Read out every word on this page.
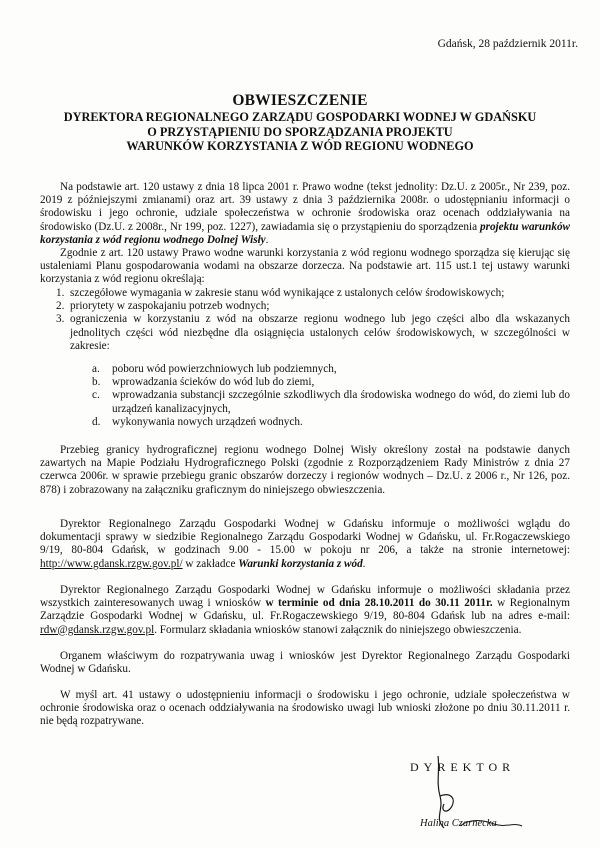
Gdańsk, 28 październik 2011r.
OBWIESZCZENIE
DYREKTORA REGIONALNEGO ZARZĄDU GOSPODARKI WODNEJ W GDAŃSKU
O PRZYSTĄPIENIU DO SPORZĄDZANIA PROJEKTU
WARUNKÓW KORZYSTANIA Z WÓD REGIONU WODNEGO
Na podstawie art. 120 ustawy z dnia 18 lipca 2001 r. Prawo wodne (tekst jednolity: Dz.U. z 2005r., Nr 239, poz. 2019 z późniejszymi zmianami) oraz art. 39 ustawy z dnia 3 października 2008r. o udostępnianiu informacji o środowisku i jego ochronie, udziale społeczeństwa w ochronie środowiska oraz ocenach oddziaływania na środowisko (Dz.U. z 2008r., Nr 199, poz. 1227), zawiadamia się o przystąpieniu do sporządzenia projektu warunków korzystania z wód regionu wodnego Dolnej Wisły.
Zgodnie z art. 120 ustawy Prawo wodne warunki korzystania z wód regionu wodnego sporządza się kierując się ustaleniami Planu gospodarowania wodami na obszarze dorzecza. Na podstawie art. 115 ust.1 tej ustawy warunki korzystania z wód regionu określają:
1. szczegółowe wymagania w zakresie stanu wód wynikające z ustalonych celów środowiskowych;
2. priorytety w zaspokajaniu potrzeb wodnych;
3. ograniczenia w korzystaniu z wód na obszarze regionu wodnego lub jego części albo dla wskazanych jednolitych części wód niezbędne dla osiągnięcia ustalonych celów środowiskowych, w szczególności w zakresie:
a. poboru wód powierzchniowych lub podziemnych,
b. wprowadzania ścieków do wód lub do ziemi,
c. wprowadzania substancji szczególnie szkodliwych dla środowiska wodnego do wód, do ziemi lub do urządzeń kanalizacyjnych,
d. wykonywania nowych urządzeń wodnych.
Przebieg granicy hydrograficznej regionu wodnego Dolnej Wisły określony został na podstawie danych zawartych na Mapie Podziału Hydrograficznego Polski (zgodnie z Rozporządzeniem Rady Ministrów z dnia 27 czerwca 2006r. w sprawie przebiegu granic obszarów dorzeczy i regionów wodnych – Dz.U. z 2006 r., Nr 126, poz. 878) i zobrazowany na załączniku graficznym do niniejszego obwieszczenia.
Dyrektor Regionalnego Zarządu Gospodarki Wodnej w Gdańsku informuje o możliwości wglądu do dokumentacji sprawy w siedzibie Regionalnego Zarządu Gospodarki Wodnej w Gdańsku, ul. Fr.Rogaczewskiego 9/19, 80-804 Gdańsk, w godzinach 9.00 - 15.00 w pokoju nr 206, a także na stronie internetowej: http://www.gdansk.rzgw.gov.pl/ w zakładce Warunki korzystania z wód.
Dyrektor Regionalnego Zarządu Gospodarki Wodnej w Gdańsku informuje o możliwości składania przez wszystkich zainteresowanych uwag i wniosków w terminie od dnia 28.10.2011 do 30.11 2011r. w Regionalnym Zarządzie Gospodarki Wodnej w Gdańsku, ul. Fr.Rogaczewskiego 9/19, 80-804 Gdańsk lub na adres e-mail: rdw@gdansk.rzgw.gov.pl. Formularz składania wniosków stanowi załącznik do niniejszego obwieszczenia.
Organem właściwym do rozpatrywania uwag i wniosków jest Dyrektor Regionalnego Zarządu Gospodarki Wodnej w Gdańsku.
W myśl art. 41 ustawy o udostępnieniu informacji o środowisku i jego ochronie, udziale społeczeństwa w ochronie środowiska oraz o ocenach oddziaływania na środowisko uwagi lub wnioski złożone po dniu 30.11.2011 r. nie będą rozpatrywane.
DYREKTOR
Halina Czarnecka
